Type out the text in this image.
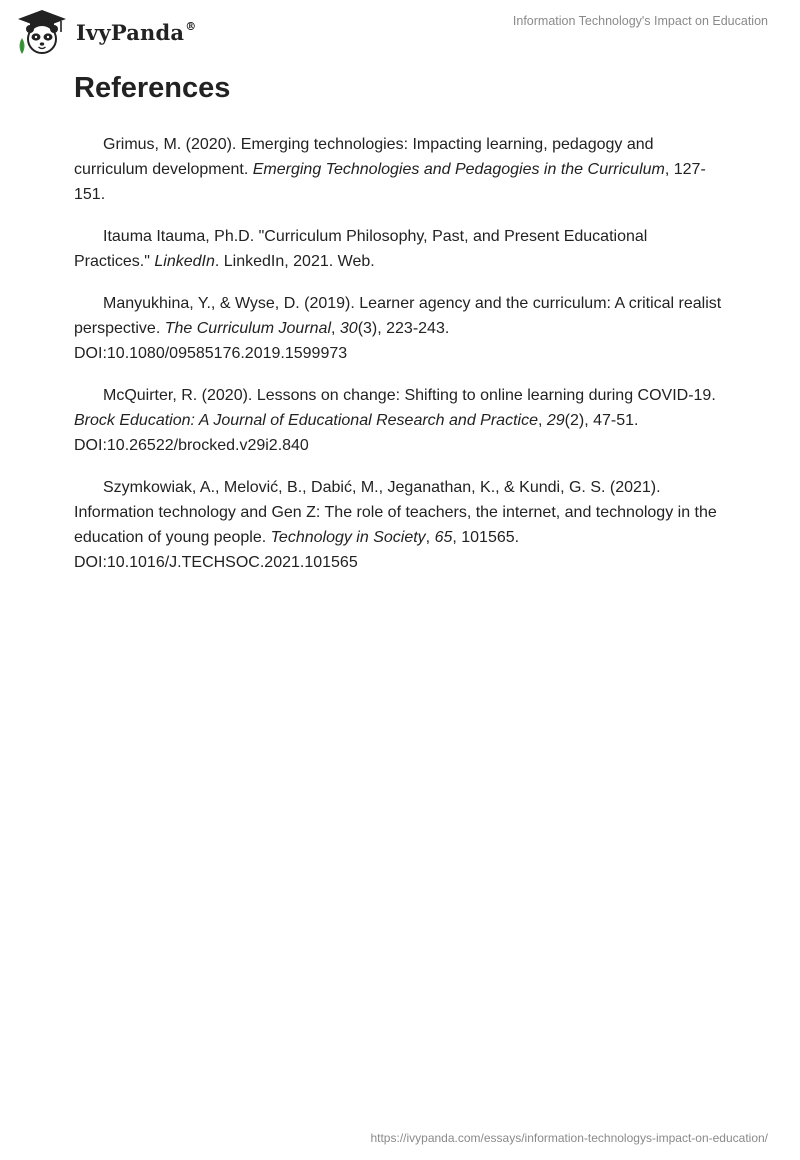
IvyPanda®	Information Technology's Impact on Education
References

Grimus, M. (2020). Emerging technologies: Impacting learning, pedagogy and curriculum development. Emerging Technologies and Pedagogies in the Curriculum, 127-151.

Itauma Itauma, Ph.D. "Curriculum Philosophy, Past, and Present Educational Practices." LinkedIn. LinkedIn, 2021. Web.

Manyukhina, Y., & Wyse, D. (2019). Learner agency and the curriculum: A critical realist perspective. The Curriculum Journal, 30(3), 223-243. DOI:10.1080/09585176.2019.1599973

McQuirter, R. (2020). Lessons on change: Shifting to online learning during COVID-19. Brock Education: A Journal of Educational Research and Practice, 29(2), 47-51. DOI:10.26522/brocked.v29i2.840

Szymkowiak, A., Melović, B., Dabić, M., Jeganathan, K., & Kundi, G. S. (2021). Information technology and Gen Z: The role of teachers, the internet, and technology in the education of young people. Technology in Society, 65, 101565. DOI:10.1016/J.TECHSOC.2021.101565

https://ivypanda.com/essays/information-technologys-impact-on-education/
